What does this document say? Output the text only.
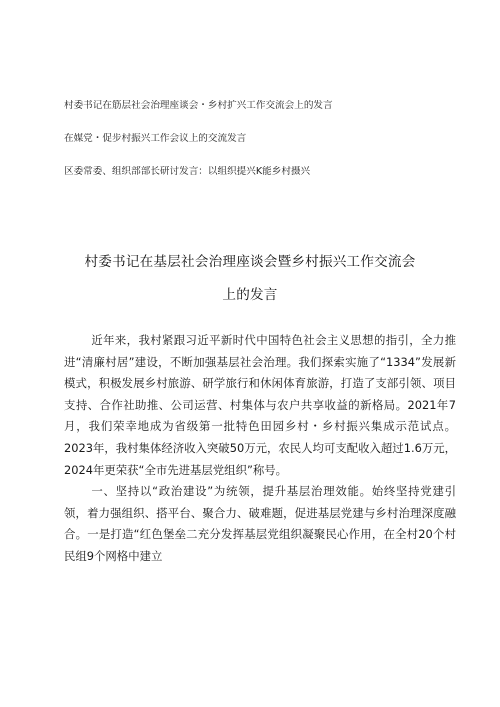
村委书记在筋层社会治理座谈会・乡村扩兴工作交流会上的发言
在媒党・促步村振兴工作会议上的交流发言
区委常委、组织部部长研讨发言：以组织提兴K能乡村摄兴
村委书记在基层社会治理座谈会暨乡村振兴工作交流会
上的发言

近年来，我村紧跟习近平新时代中国特色社会主义思想的指引，全力推进“清廉村居”建设，不断加强基层社会治理。我们探索实施了“1334”发展新模式，积极发展乡村旅游、研学旅行和休闲体育旅游，打造了支部引领、项目支持、合作社助推、公司运营、村集体与农户共享收益的新格局。2021年7月，我们荣幸地成为省级第一批特色田园乡村・乡村振兴集成示范试点。2023年，我村集体经济收入突破50万元，农民人均可支配收入超过1.6万元，2024年更荣获“全市先进基层党组织”称号。

一、坚持以“政治建设”为统领，提升基层治理效能。始终坚持党建引领，着力强组织、搭平台、聚合力、破难题，促进基层党建与乡村治理深度融合。一是打造“红色堡垒二充分发挥基层党组织凝聚民心作用，在全村20个村民组9个网格中建立
